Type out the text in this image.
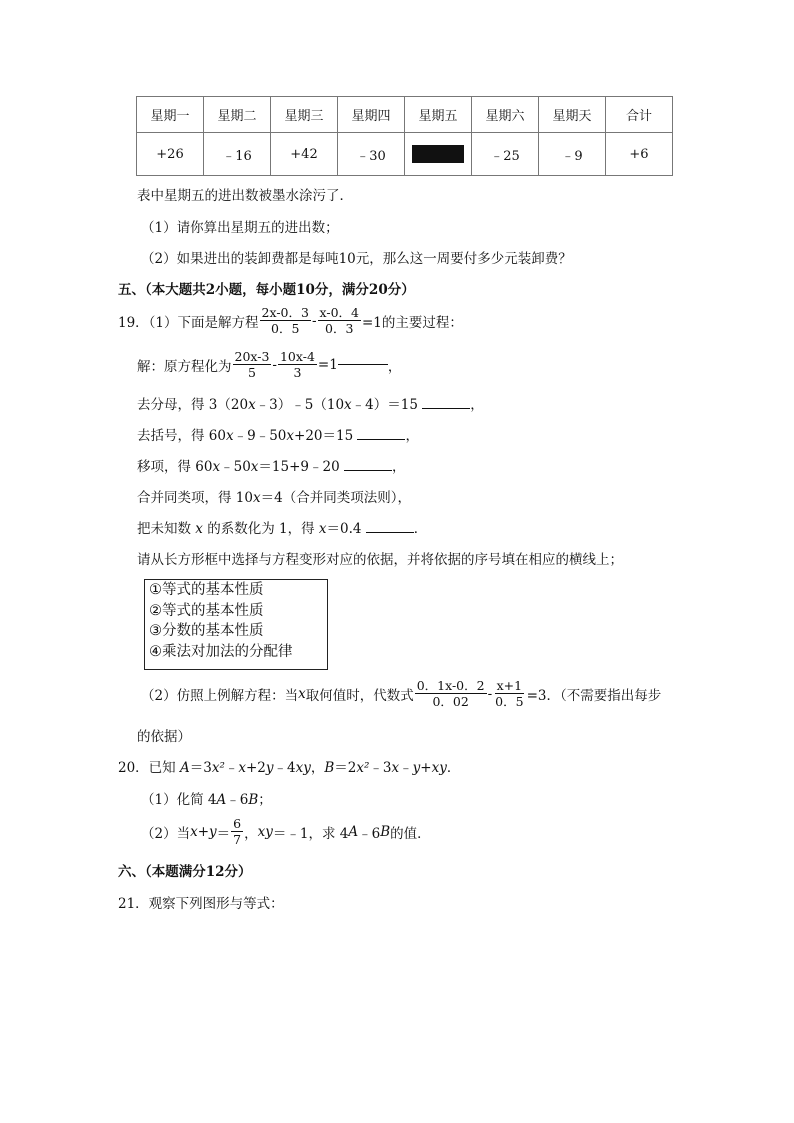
星期一	星期二	星期三	星期四	星期五	星期六	星期天	合计
+26	﹣16	+42	﹣30		﹣25	﹣9	+6
表中星期五的进出数被墨水涂污了．
（1）请你算出星期五的进出数；
（2）如果进出的装卸费都是每吨10元，那么这一周要付多少元装卸费？
五、（本大题共2小题，每小题10分，满分20分）
19．（1）下面是解方程 $\frac{2x-0.3}{0.5} - \frac{x-0.4}{0.3} =1$的主要过程：
解：原方程化为 $\frac{20x-3}{5} - \frac{10x-4}{3} =1$	，
去分母，得 3（20x﹣3）﹣5（10x﹣4）＝15	，
去括号，得 60x﹣9﹣50x+20＝15	，
移项，得 60x﹣50x＝15+9﹣20	，
合并同类项，得 10x＝4（合并同类项法则），
把未知数 x 的系数化为 1，得 x＝0.4	．
请从长方形框中选择与方程变形对应的依据，并将依据的序号填在相应的横线上；
①等式的基本性质
②等式的基本性质
③分数的基本性质
④乘法对加法的分配律
（2）仿照上例解方程：当 x 取何值时，代数式 $\frac{0.1x-0.2}{0.02} - \frac{x+1}{0.5} =3$．（不需要指出每步
的依据）
20．已知 A＝3x²﹣x+2y﹣4xy，B＝2x²﹣3x﹣y+xy．
（1）化简 4A﹣6B；
（2）当 $x+y = \frac{6}{7}$ ， xy ＝﹣1，求 4 A ﹣6 B 的值．
六、（本题满分12分）
21．观察下列图形与等式：
